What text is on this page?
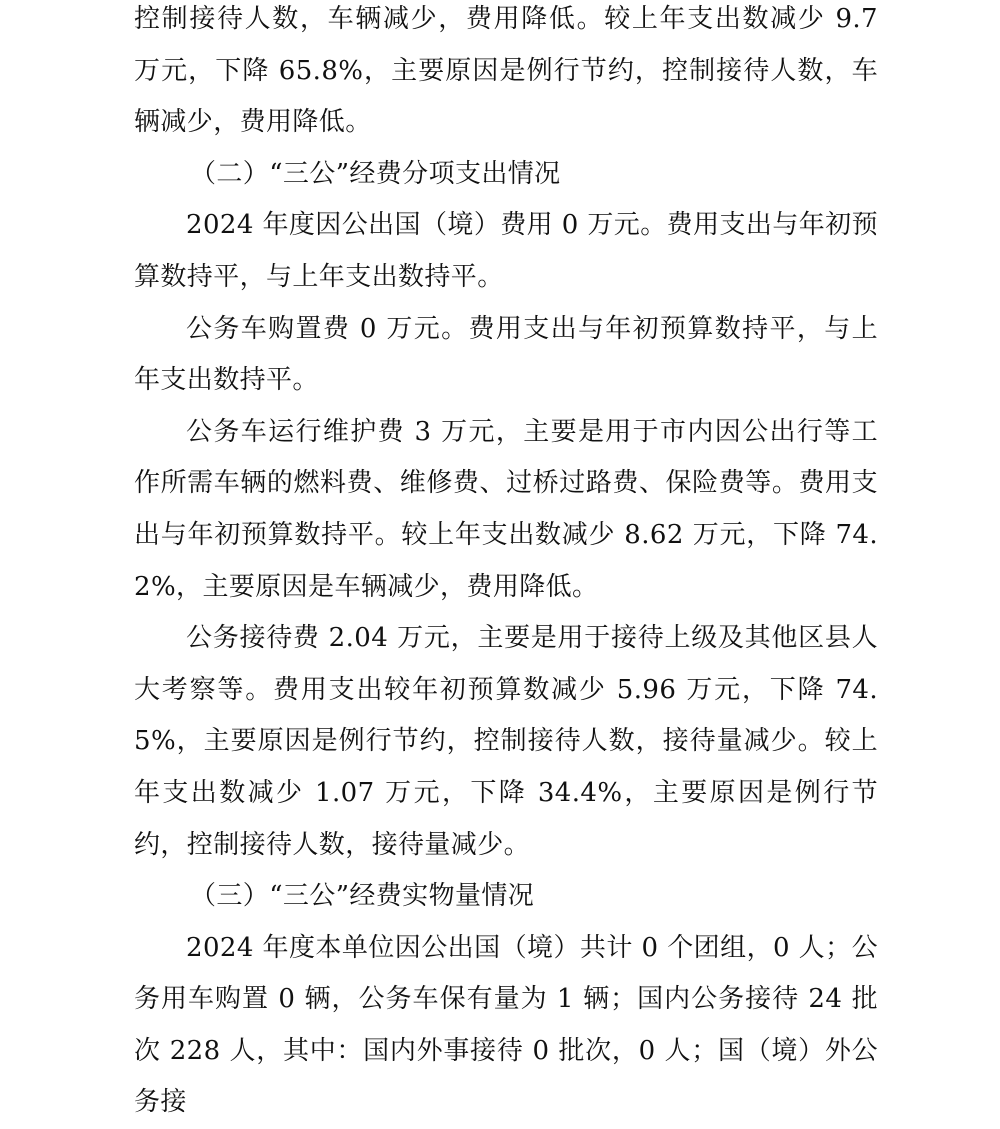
控制接待人数，车辆减少，费用降低。较上年支出数减少 9.7 万元，下降 65.8%，主要原因是例行节约，控制接待人数，车辆减少，费用降低。

（二）“三公”经费分项支出情况

2024 年度因公出国（境）费用 0 万元。费用支出与年初预算数持平，与上年支出数持平。

公务车购置费 0 万元。费用支出与年初预算数持平，与上年支出数持平。

公务车运行维护费 3 万元，主要是用于市内因公出行等工作所需车辆的燃料费、维修费、过桥过路费、保险费等。费用支出与年初预算数持平。较上年支出数减少 8.62 万元，下降 74.2%，主要原因是车辆减少，费用降低。

公务接待费 2.04 万元，主要是用于接待上级及其他区县人大考察等。费用支出较年初预算数减少 5.96 万元，下降 74.5%，主要原因是例行节约，控制接待人数，接待量减少。较上年支出数减少 1.07 万元，下降 34.4%，主要原因是例行节约，控制接待人数，接待量减少。

（三）“三公”经费实物量情况

2024 年度本单位因公出国（境）共计 0 个团组，0 人；公务用车购置 0 辆，公务车保有量为 1 辆；国内公务接待 24 批次 228 人，其中：国内外事接待 0 批次，0 人；国（境）外公务接
